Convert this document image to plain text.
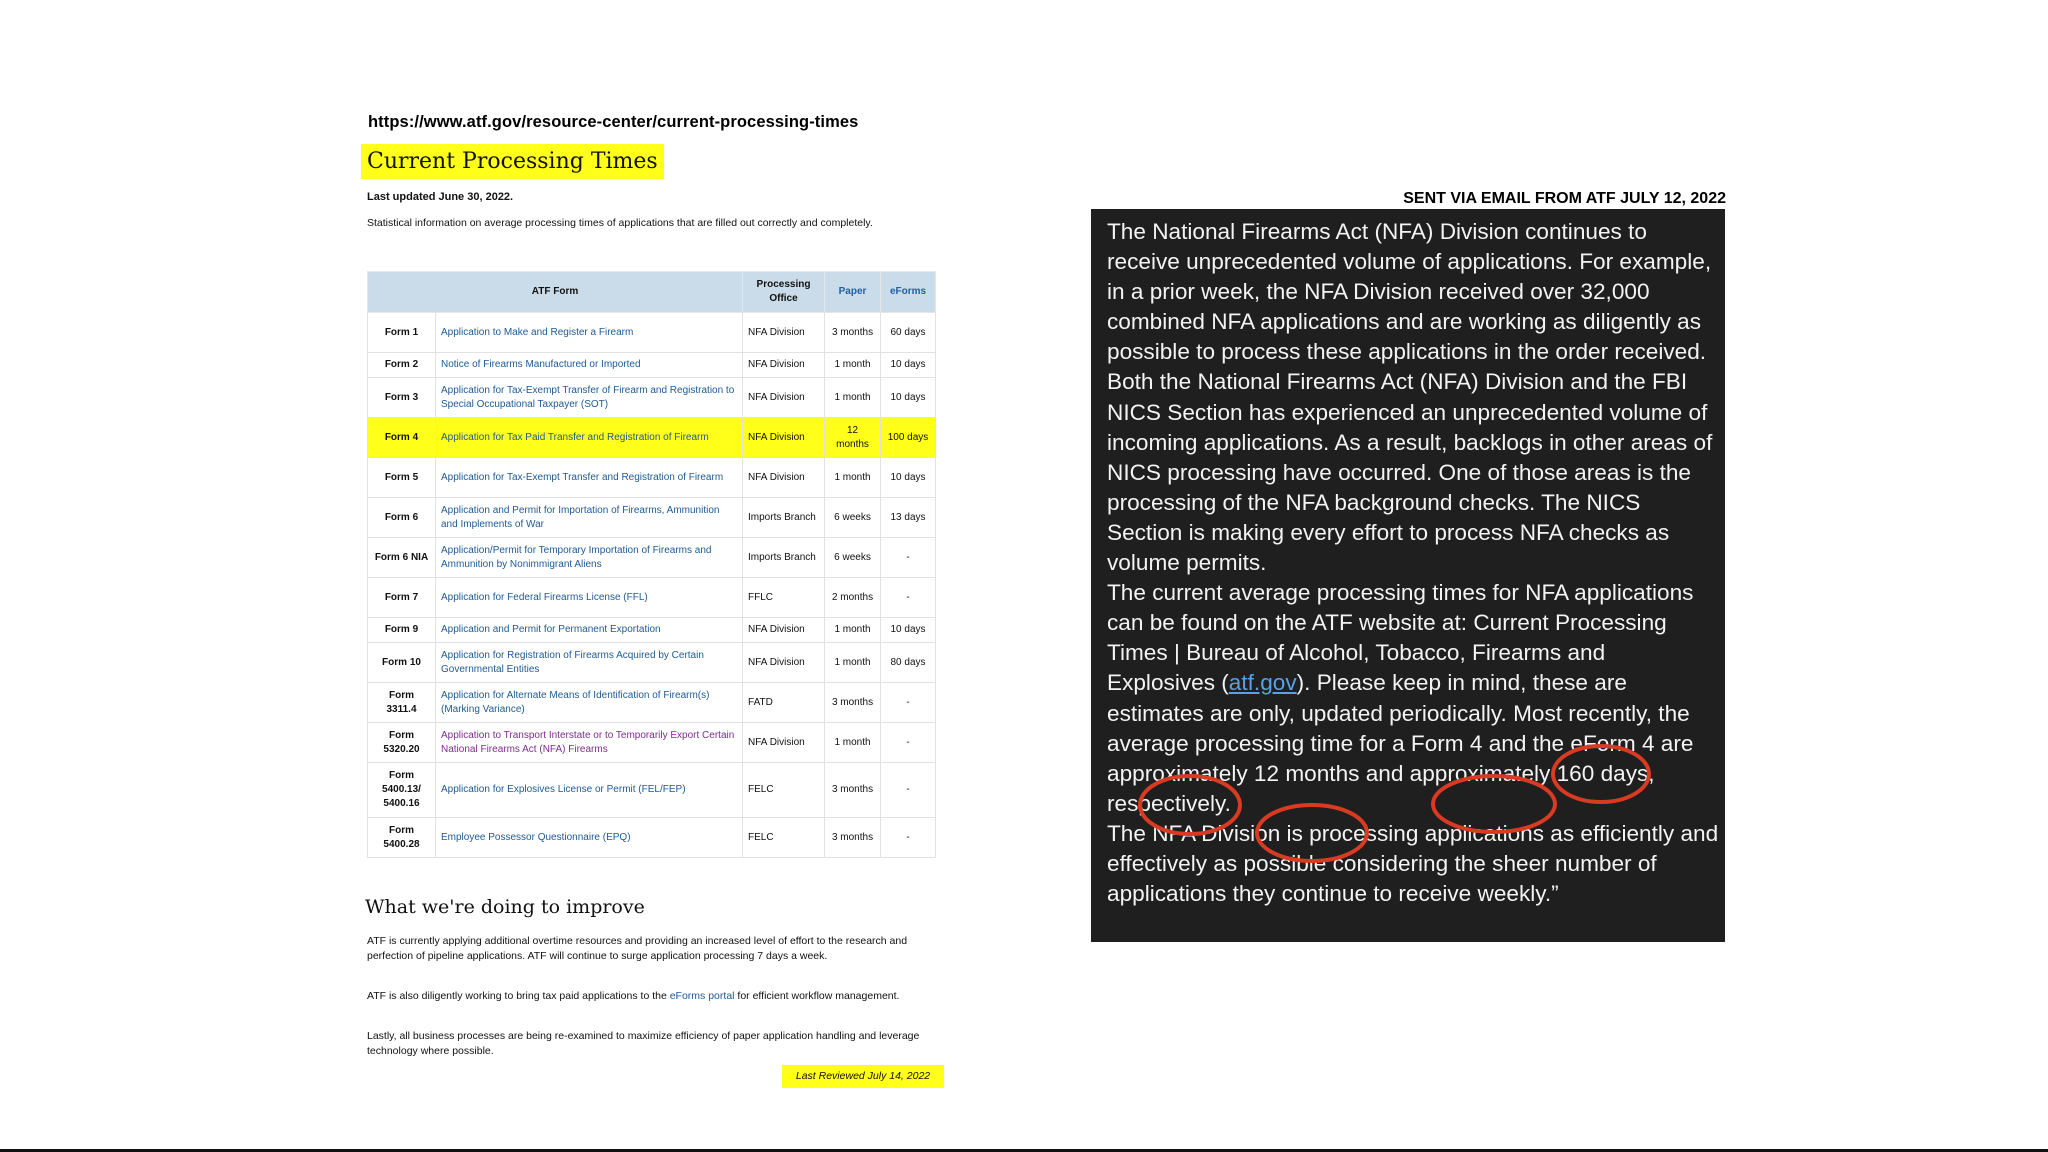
https://www.atf.gov/resource-center/current-processing-times
Current Processing Times
Last updated June 30, 2022.
Statistical information on average processing times of applications that are filled out correctly and completely.
ATF Form		Processing Office	Paper	eForms
Form 1	Application to Make and Register a Firearm	NFA Division	3 months	60 days
Form 2	Notice of Firearms Manufactured or Imported	NFA Division	1 month	10 days
Form 3	Application for Tax-Exempt Transfer of Firearm and Registration to Special Occupational Taxpayer (SOT)	NFA Division	1 month	10 days
Form 4	Application for Tax Paid Transfer and Registration of Firearm	NFA Division	12 months	100 days
Form 5	Application for Tax-Exempt Transfer and Registration of Firearm	NFA Division	1 month	10 days
Form 6	Application and Permit for Importation of Firearms, Ammunition and Implements of War	Imports Branch	6 weeks	13 days
Form 6 NIA	Application/Permit for Temporary Importation of Firearms and Ammunition by Nonimmigrant Aliens	Imports Branch	6 weeks	-
Form 7	Application for Federal Firearms License (FFL)	FFLC	2 months	-
Form 9	Application and Permit for Permanent Exportation	NFA Division	1 month	10 days
Form 10	Application for Registration of Firearms Acquired by Certain Governmental Entities	NFA Division	1 month	80 days
Form 3311.4	Application for Alternate Means of Identification of Firearm(s) (Marking Variance)	FATD	3 months	-
Form 5320.20	Application to Transport Interstate or to Temporarily Export Certain National Firearms Act (NFA) Firearms	NFA Division	1 month	-
Form 5400.13/ 5400.16	Application for Explosives License or Permit (FEL/FEP)	FELC	3 months	-
Form 5400.28	Employee Possessor Questionnaire (EPQ)	FELC	3 months	-
What we're doing to improve
ATF is currently applying additional overtime resources and providing an increased level of effort to the research and perfection of pipeline applications. ATF will continue to surge application processing 7 days a week.
ATF is also diligently working to bring tax paid applications to the eForms portal for efficient workflow management.
Lastly, all business processes are being re-examined to maximize efficiency of paper application handling and leverage technology where possible.
Last Reviewed July 14, 2022
SENT VIA EMAIL FROM ATF JULY 12, 2022
The National Firearms Act (NFA) Division continues to receive unprecedented volume of applications. For example, in a prior week, the NFA Division received over 32,000 combined NFA applications and are working as diligently as possible to process these applications in the order received.
Both the National Firearms Act (NFA) Division and the FBI NICS Section has experienced an unprecedented volume of incoming applications. As a result, backlogs in other areas of NICS processing have occurred. One of those areas is the processing of the NFA background checks. The NICS Section is making every effort to process NFA checks as volume permits.
The current average processing times for NFA applications can be found on the ATF website at: Current Processing Times | Bureau of Alcohol, Tobacco, Firearms and Explosives (atf.gov). Please keep in mind, these are estimates are only, updated periodically. Most recently, the average processing time for a Form 4 and the eForm 4 are approximately 12 months and approximately 160 days, respectively.
The NFA Division is processing applications as efficiently and effectively as possible considering the sheer number of applications they continue to receive weekly.”
